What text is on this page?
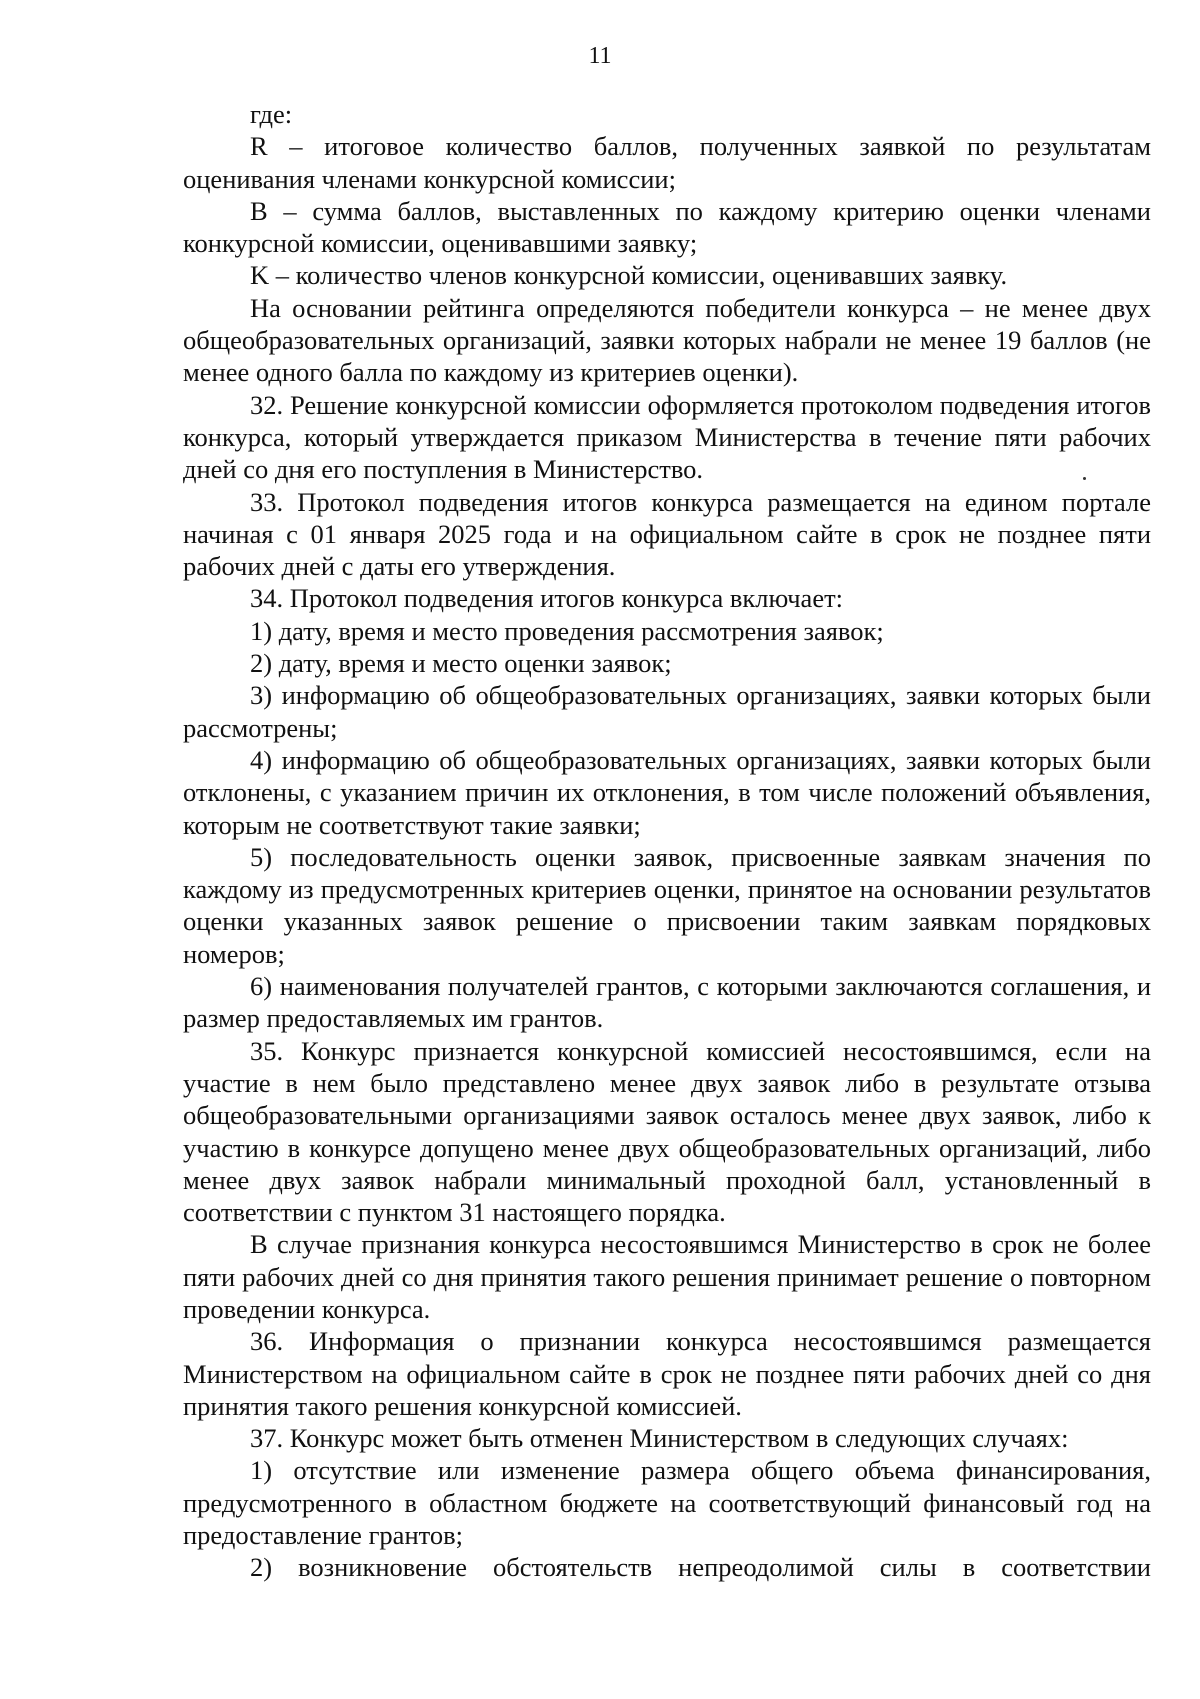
11

где:

R – итоговое количество баллов, полученных заявкой по результатам оценивания членами конкурсной комиссии;

B – сумма баллов, выставленных по каждому критерию оценки членами конкурсной комиссии, оценивавшими заявку;

K – количество членов конкурсной комиссии, оценивавших заявку.

На основании рейтинга определяются победители конкурса – не менее двух общеобразовательных организаций, заявки которых набрали не менее 19 баллов (не менее одного балла по каждому из критериев оценки).

32. Решение конкурсной комиссии оформляется протоколом подведения итогов конкурса, который утверждается приказом Министерства в течение пяти рабочих дней со дня его поступления в Министерство.

33. Протокол подведения итогов конкурса размещается на едином портале начиная с 01 января 2025 года и на официальном сайте в срок не позднее пяти рабочих дней с даты его утверждения.

34. Протокол подведения итогов конкурса включает:

1) дату, время и место проведения рассмотрения заявок;

2) дату, время и место оценки заявок;

3) информацию об общеобразовательных организациях, заявки которых были рассмотрены;

4) информацию об общеобразовательных организациях, заявки которых были отклонены, с указанием причин их отклонения, в том числе положений объявления, которым не соответствуют такие заявки;

5) последовательность оценки заявок, присвоенные заявкам значения по каждому из предусмотренных критериев оценки, принятое на основании результатов оценки указанных заявок решение о присвоении таким заявкам порядковых номеров;

6) наименования получателей грантов, с которыми заключаются соглашения, и размер предоставляемых им грантов.

35. Конкурс признается конкурсной комиссией несостоявшимся, если на участие в нем было представлено менее двух заявок либо в результате отзыва общеобразовательными организациями заявок осталось менее двух заявок, либо к участию в конкурсе допущено менее двух общеобразовательных организаций, либо менее двух заявок набрали минимальный проходной балл, установленный в соответствии с пунктом 31 настоящего порядка.

В случае признания конкурса несостоявшимся Министерство в срок не более пяти рабочих дней со дня принятия такого решения принимает решение о повторном проведении конкурса.

36. Информация о признании конкурса несостоявшимся размещается Министерством на официальном сайте в срок не позднее пяти рабочих дней со дня принятия такого решения конкурсной комиссией.

37. Конкурс может быть отменен Министерством в следующих случаях:

1) отсутствие или изменение размера общего объема финансирования, предусмотренного в областном бюджете на соответствующий финансовый год на предоставление грантов;

2) возникновение обстоятельств непреодолимой силы в соответствии
